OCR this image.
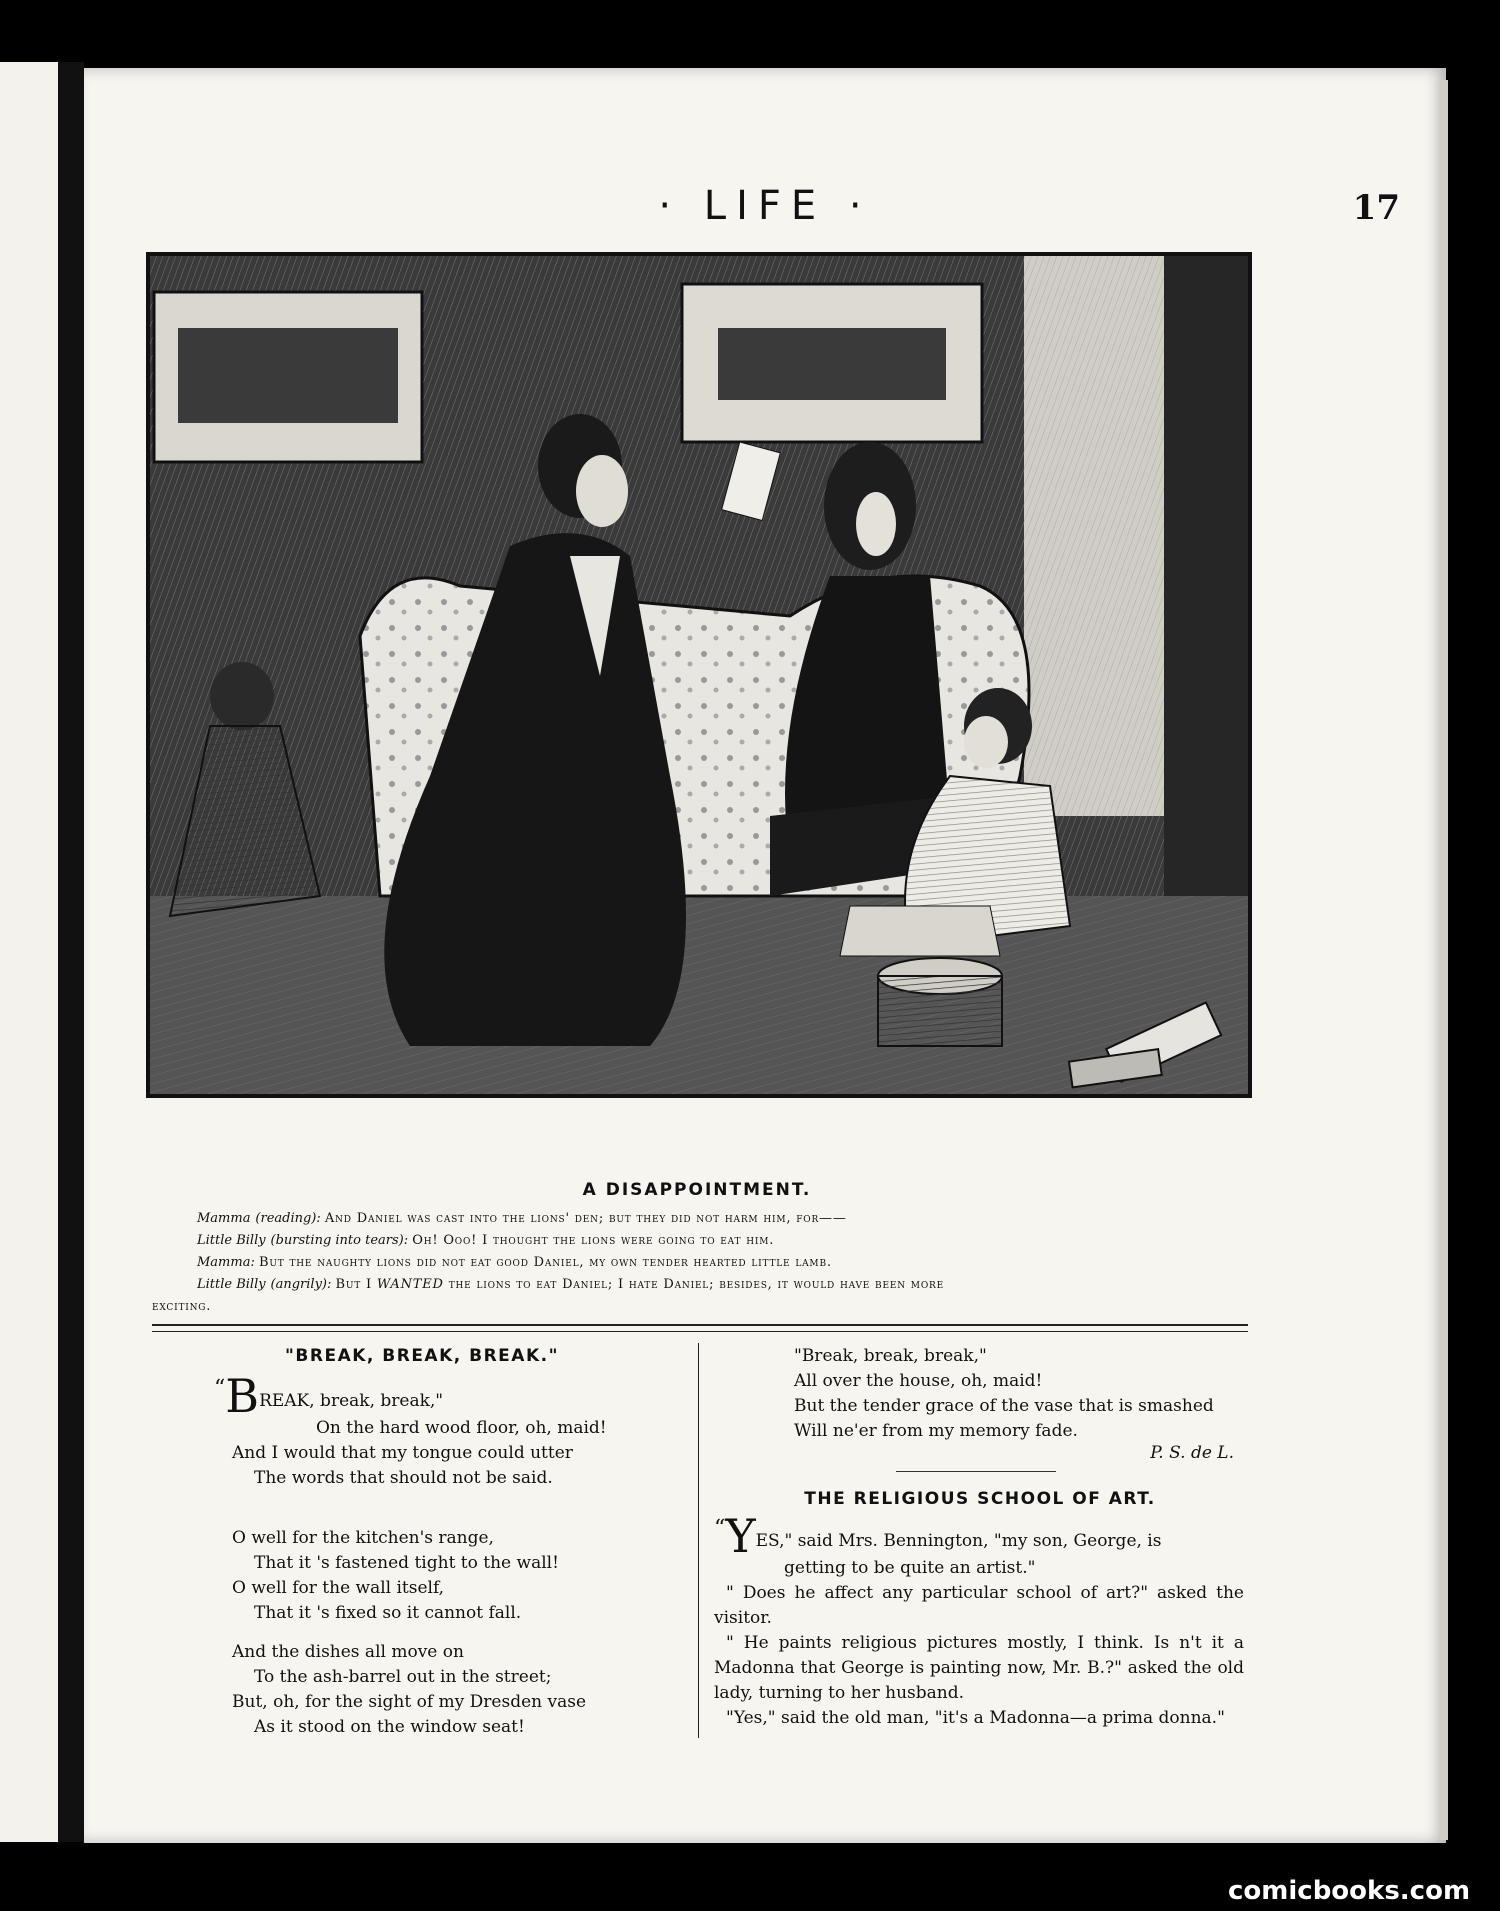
· LIFE ·	17
A DISAPPOINTMENT.
Mamma (reading): And Daniel was cast into the lions' den; but they did not harm him, for——
Little Billy (bursting into tears): Oh! Ooo! I thought the lions were going to eat him.
Mamma: But the naughty lions did not eat good Daniel, my own tender hearted little lamb.
Little Billy (angrily): But I WANTED the lions to eat Daniel; I hate Daniel; besides, it would have been more
exciting.
"BREAK, BREAK, BREAK."
“BREAK, break, break,"
On the hard wood floor, oh, maid!
And I would that my tongue could utter
The words that should not be said.
O well for the kitchen's range,
That it 's fastened tight to the wall!
O well for the wall itself,
That it 's fixed so it cannot fall.
And the dishes all move on
To the ash-barrel out in the street;
But, oh, for the sight of my Dresden vase
As it stood on the window seat!
"Break, break, break,"
All over the house, oh, maid!
But the tender grace of the vase that is smashed
Will ne'er from my memory fade.
P. S. de L.
THE RELIGIOUS SCHOOL OF ART.

“YES," said Mrs. Bennington, "my son, George, is

getting to be quite an artist."

" Does he affect any particular school of art?" asked the visitor.

" He paints religious pictures mostly, I think. Is n't it a Madonna that George is painting now, Mr. B.?" asked the old lady, turning to her husband.

"Yes," said the old man, "it's a Madonna—a prima donna."

comicbooks.com
